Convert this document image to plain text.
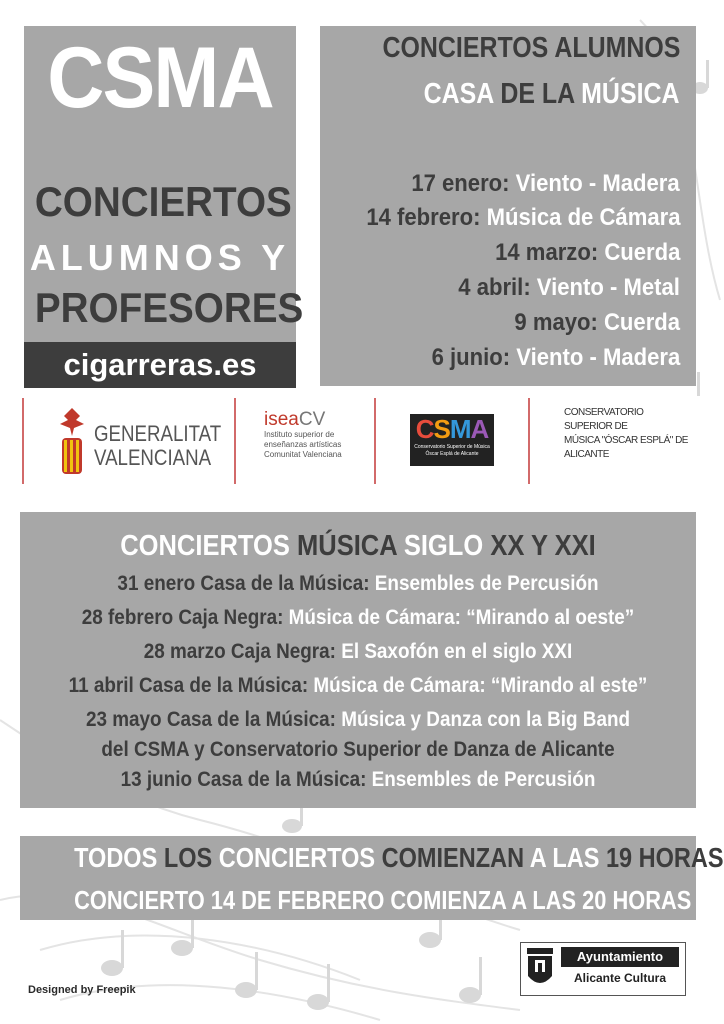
CSMA
CONCIERTOS
ALUMNOS Y
PROFESORES
cigarreras.es
CONCIERTOS ALUMNOS
CASA DE LA MÚSICA
17 enero: Viento - Madera
14 febrero: Música de Cámara
14 marzo: Cuerda
4 abril: Viento - Metal
9 mayo: Cuerda
6 junio: Viento - Madera
GENERALITAT
VALENCIANA
iseaCV
Instituto superior de
enseñanzas artísticas
Comunitat Valenciana
CSMA
Conservatorio Superior de Música
Óscar Esplá de Alicante
CONSERVATORIO
SUPERIOR DE
MÚSICA "ÓSCAR ESPLÁ" DE
ALICANTE
CONCIERTOS MÚSICA SIGLO XX Y XXI
31 enero Casa de la Música: Ensembles de Percusión
28 febrero Caja Negra: Música de Cámara: “Mirando al oeste”
28 marzo Caja Negra: El Saxofón en el siglo XXI
11 abril Casa de la Música: Música de Cámara: “Mirando al este”
23 mayo Casa de la Música: Música y Danza con la Big Band
del CSMA y Conservatorio Superior de Danza de Alicante
13 junio Casa de la Música: Ensembles de Percusión
TODOS LOS CONCIERTOS COMIENZAN A LAS 19 HORAS
CONCIERTO 14 DE FEBRERO COMIENZA A LAS 20 HORAS
Designed by Freepik
Ayuntamiento
Alicante Cultura
